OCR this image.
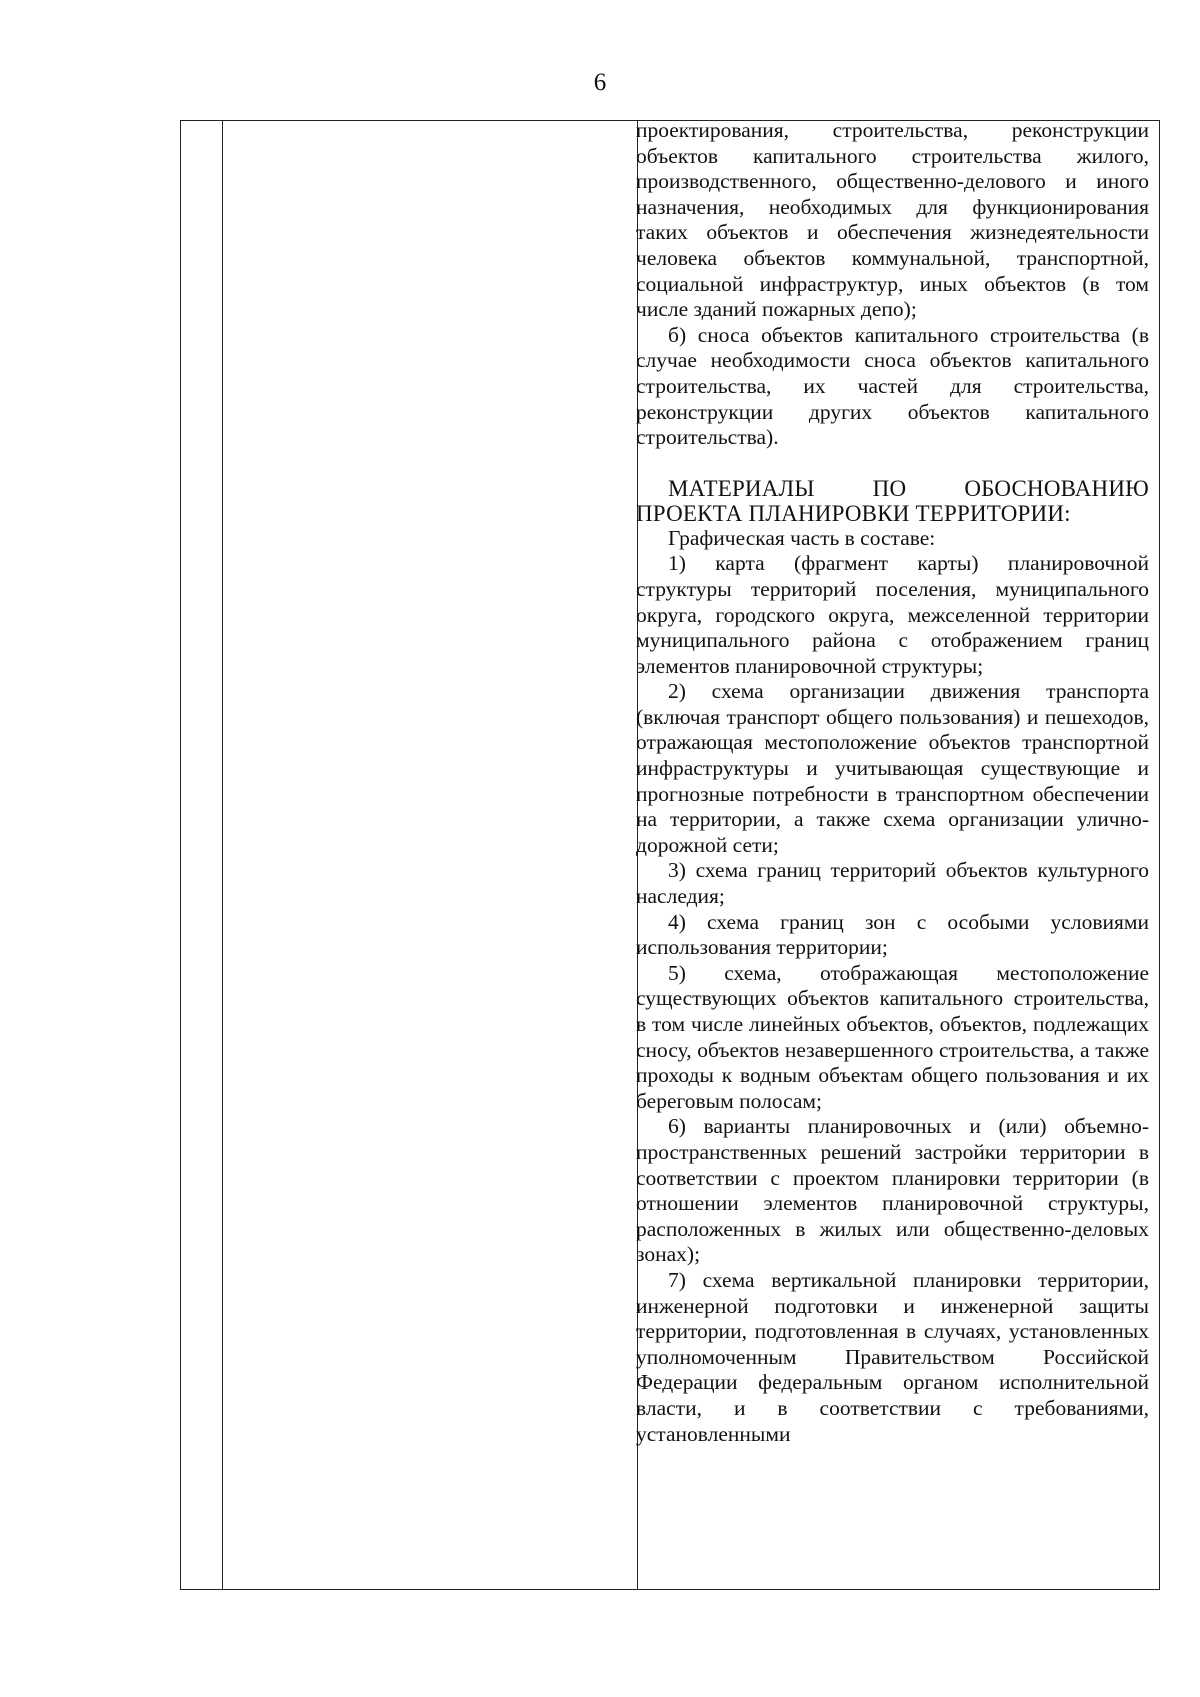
6

проектирования, строительства, реконструкции объектов капитального строительства жилого, производственного, общественно-делового и иного назначения, необходимых для функционирования таких объектов и обеспечения жизнедеятельности человека объектов коммунальной, транспортной, социальной инфраструктур, иных объектов (в том числе зданий пожарных депо);

б) сноса объектов капитального строительства (в случае необходимости сноса объектов капитального строительства, их частей для строительства, реконструкции других объектов капитального строительства).

МАТЕРИАЛЫ ПО ОБОСНОВАНИЮ ПРОЕКТА ПЛАНИРОВКИ ТЕРРИТОРИИ:

Графическая часть в составе:

1) карта (фрагмент карты) планировочной структуры территорий поселения, муниципального округа, городского округа, межселенной территории муниципального района с отображением границ элементов планировочной структуры;

2) схема организации движения транспорта (включая транспорт общего пользования) и пешеходов, отражающая местоположение объектов транспортной инфраструктуры и учитывающая существующие и прогнозные потребности в транспортном обеспечении на территории, а также схема организации улично-дорожной сети;

3) схема границ территорий объектов культурного наследия;

4) схема границ зон с особыми условиями использования территории;

5) схема, отображающая местоположение существующих объектов капитального строительства, в том числе линейных объектов, объектов, подлежащих сносу, объектов незавершенного строительства, а также проходы к водным объектам общего пользования и их береговым полосам;

6) варианты планировочных и (или) объемно-пространственных решений застройки территории в соответствии с проектом планировки территории (в отношении элементов планировочной структуры, расположенных в жилых или общественно-деловых зонах);

7) схема вертикальной планировки территории, инженерной подготовки и инженерной защиты территории, подготовленная в случаях, установленных уполномоченным Правительством Российской Федерации федеральным органом исполнительной власти, и в соответствии с требованиями, установленными
